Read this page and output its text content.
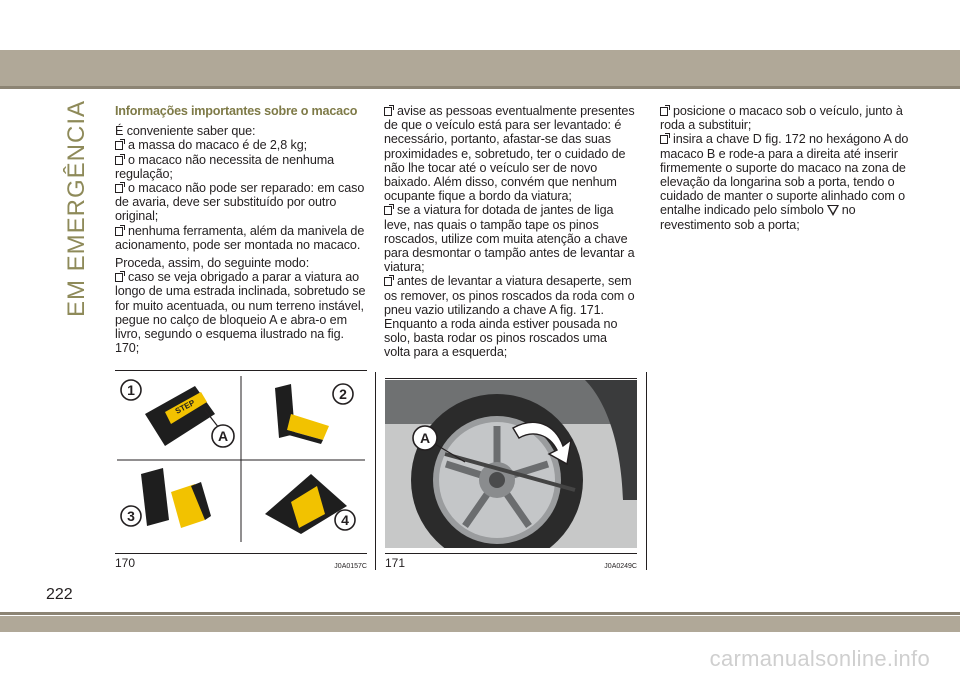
EM EMERGÊNCIA Informações importantes sobre o macaco

É conveniente saber que:

a massa do macaco é de 2,8 kg;
o macaco não necessita de nenhuma regulação;
o macaco não pode ser reparado: em caso de avaria, deve ser substituído por outro original;
nenhuma ferramenta, além da manivela de acionamento, pode ser montada no macaco.

Proceda, assim, do seguinte modo:

caso se veja obrigado a parar a viatura ao longo de uma estrada inclinada, sobretudo se for muito acentuada, ou num terreno instável, pegue no calço de bloqueio A e abra-o em livro, segundo o esquema ilustrado na fig. 170;
avise as pessoas eventualmente presentes de que o veículo está para ser levantado: é necessário, portanto, afastar-se das suas proximidades e, sobretudo, ter o cuidado de não lhe tocar até o veículo ser de novo baixado. Além disso, convém que nenhum ocupante fique a bordo da viatura;
se a viatura for dotada de jantes de liga leve, nas quais o tampão tape os pinos roscados, utilize com muita atenção a chave para desmontar o tampão antes de levantar a viatura;
antes de levantar a viatura desaperte, sem os remover, os pinos roscados da roda com o pneu vazio utilizando a chave A fig. 171. Enquanto a roda ainda estiver pousada no solo, basta rodar os pinos roscados uma volta para a esquerda;
posicione o macaco sob o veículo, junto à roda a substituir;
insira a chave D fig. 172 no hexágono A do macaco B e rode-a para a direita até inserir firmemente o suporte do macaco na zona de elevação da longarina sob a porta, tendo o cuidado de manter o suporte alinhado com o entalhe indicado pelo símbolo no revestimento sob a porta;
STEP
1	2
3	4
A
170	J0A0157C
A
171	J0A0249C
222
carmanualsonline.info
